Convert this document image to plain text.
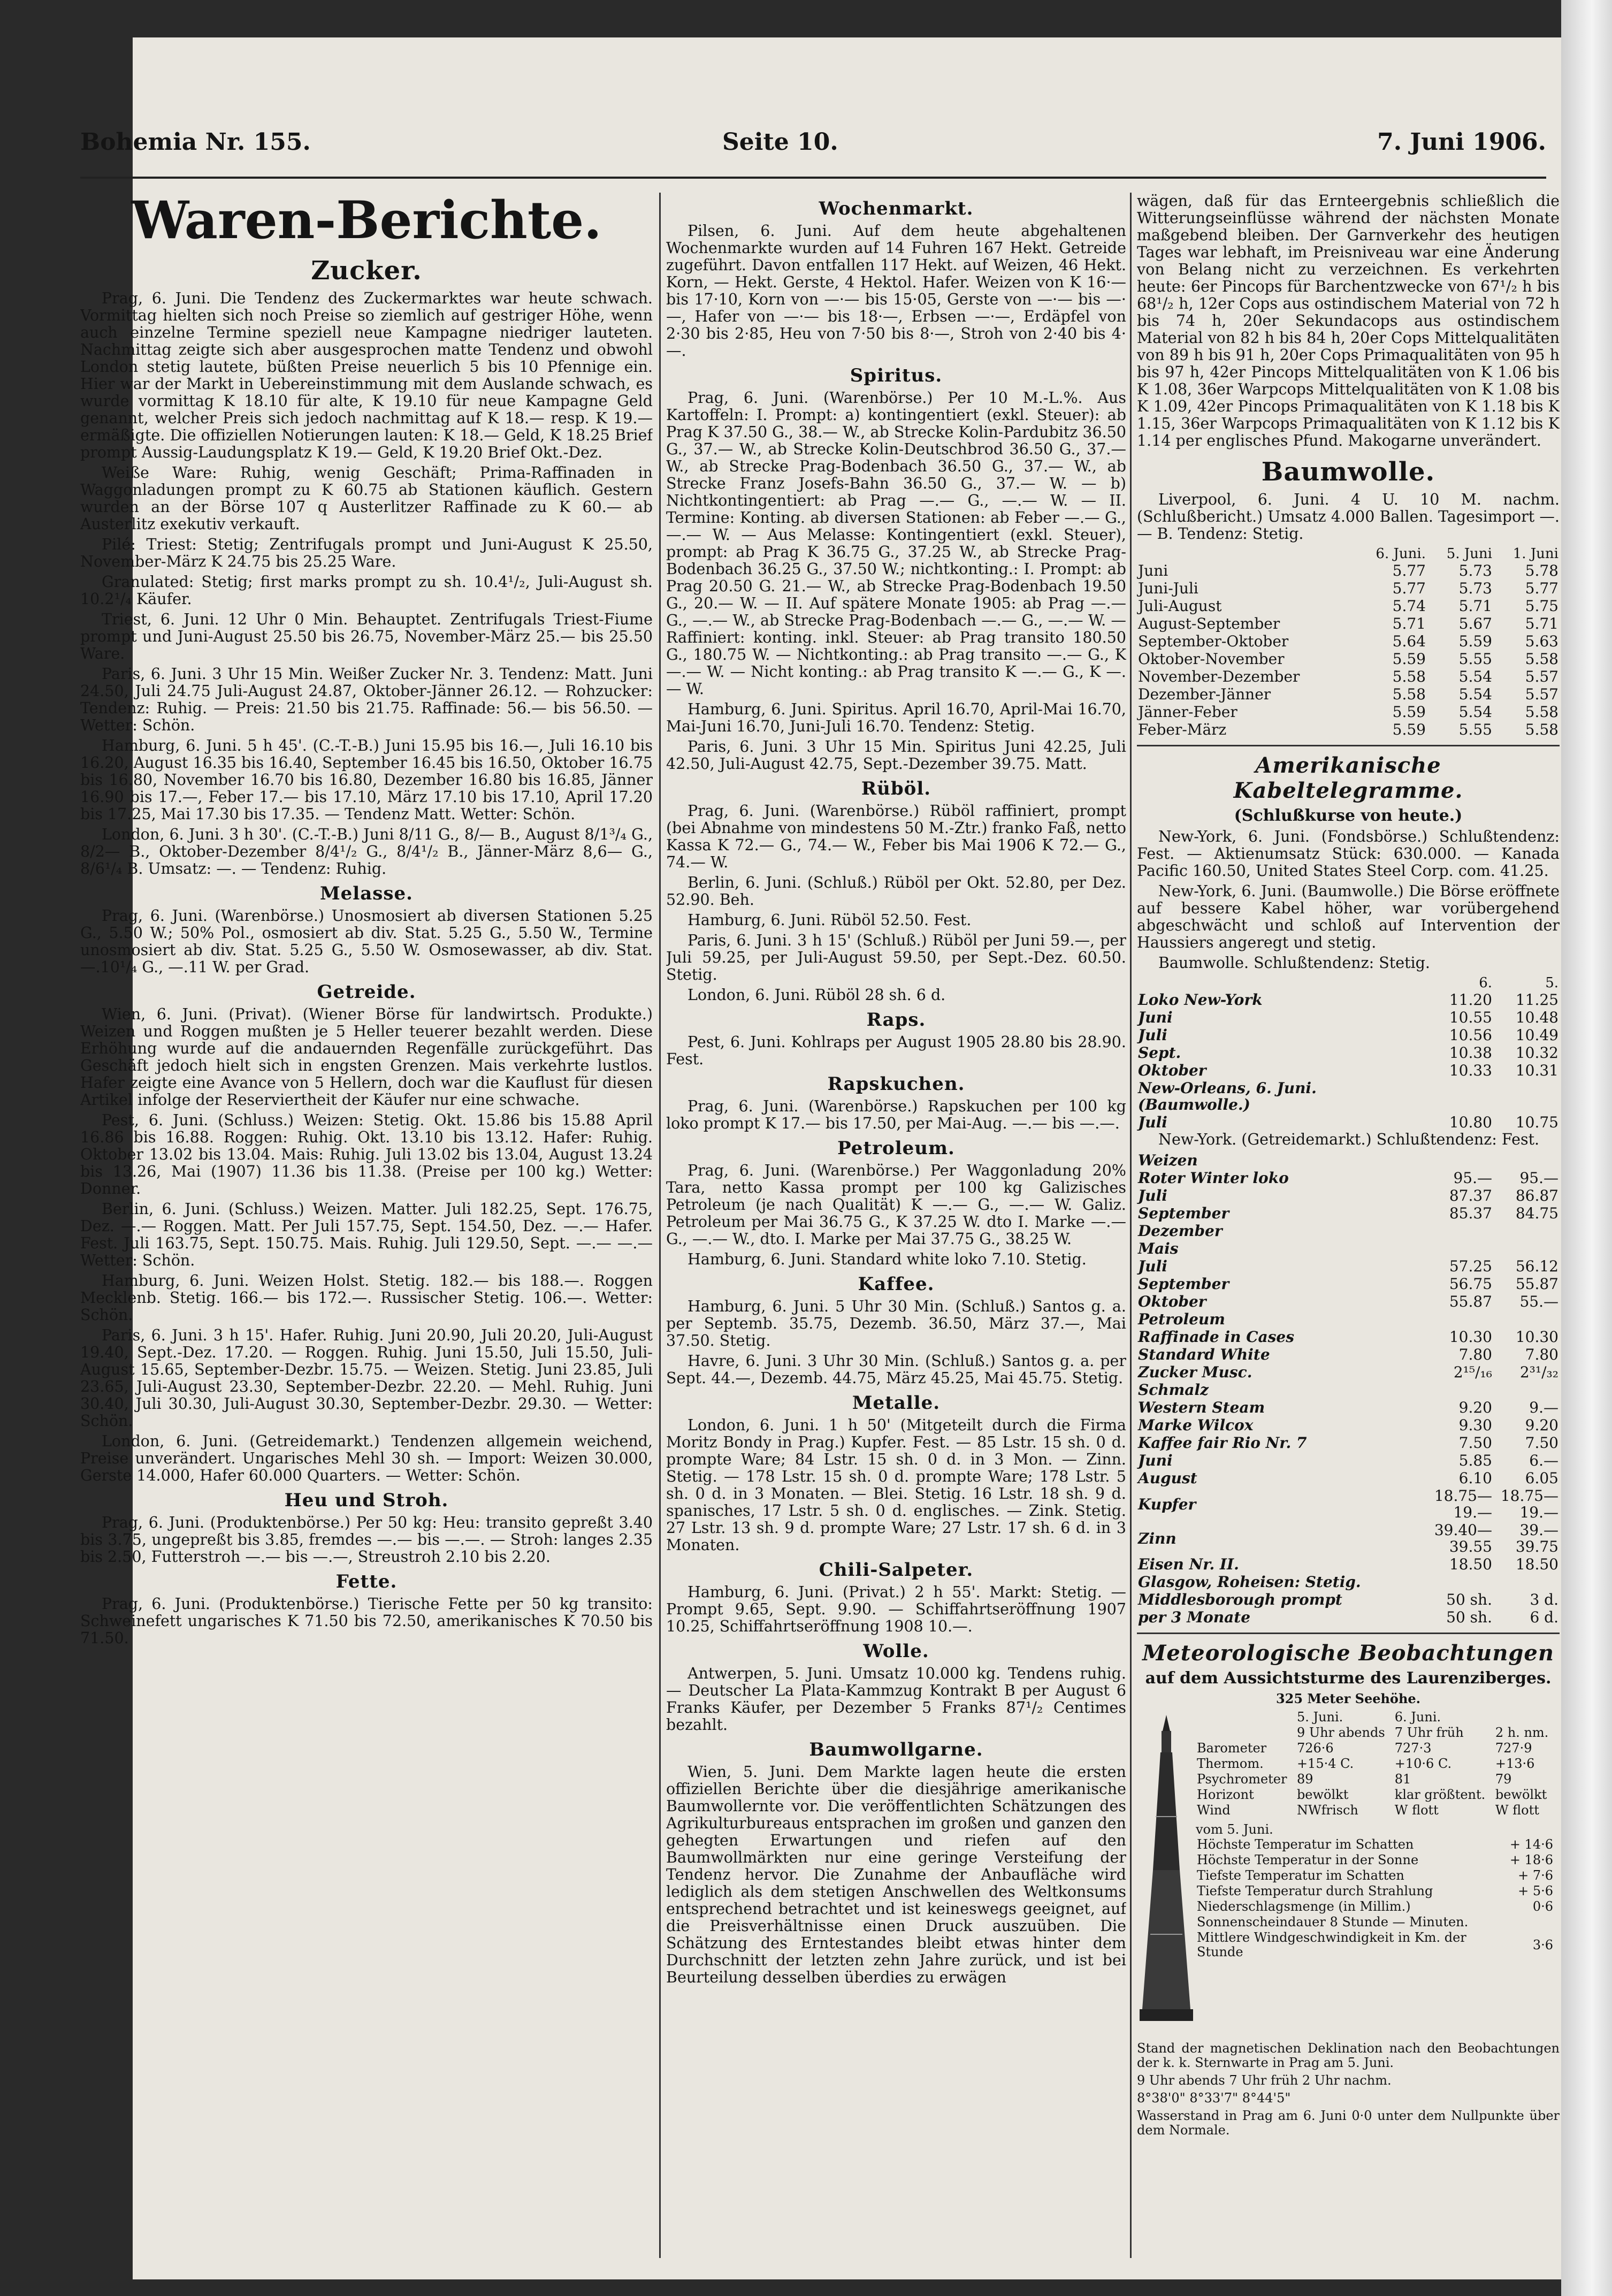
Bohemia Nr. 155.	Seite 10.	7. Juni 1906.
Waren-Berichte.
Zucker.

Prag, 6. Juni. Die Tendenz des Zuckermarktes war heute schwach. Vormittag hielten sich noch Preise so ziemlich auf gestriger Höhe, wenn auch einzelne Termine speziell neue Kampagne niedriger lauteten. Nachmittag zeigte sich aber ausgesprochen matte Tendenz und obwohl London stetig lautete, büßten Preise neuerlich 5 bis 10 Pfennige ein. Hier war der Markt in Uebereinstimmung mit dem Auslande schwach, es wurde vormittag K 18.10 für alte, K 19.10 für neue Kampagne Geld genannt, welcher Preis sich jedoch nachmittag auf K 18.— resp. K 19.— ermäßigte. Die offiziellen Notierungen lauten: K 18.— Geld, K 18.25 Brief prompt Aussig-Laudungsplatz K 19.— Geld, K 19.20 Brief Okt.-Dez.

Weiße Ware: Ruhig, wenig Geschäft; Prima-Raffinaden in Waggonladungen prompt zu K 60.75 ab Stationen käuflich. Gestern wurden an der Börse 107 q Austerlitzer Raffinade zu K 60.— ab Austerlitz exekutiv verkauft.

Pilé: Triest: Stetig; Zentrifugals prompt und Juni-August K 25.50, November-März K 24.75 bis 25.25 Ware.

Granulated: Stetig; first marks prompt zu sh. 10.4¹/₂, Juli-August sh. 10.2¹/₄ Käufer.

Triest, 6. Juni. 12 Uhr 0 Min. Behauptet. Zentrifugals Triest-Fiume prompt und Juni-August 25.50 bis 26.75, November-März 25.— bis 25.50 Ware.

Paris, 6. Juni. 3 Uhr 15 Min. Weißer Zucker Nr. 3. Tendenz: Matt. Juni 24.50, Juli 24.75 Juli-August 24.87, Oktober-Jänner 26.12. — Rohzucker: Tendenz: Ruhig. — Preis: 21.50 bis 21.75. Raffinade: 56.— bis 56.50. — Wetter: Schön.

Hamburg, 6. Juni. 5 h 45'. (C.-T.-B.) Juni 15.95 bis 16.—, Juli 16.10 bis 16.20, August 16.35 bis 16.40, September 16.45 bis 16.50, Oktober 16.75 bis 16.80, November 16.70 bis 16.80, Dezember 16.80 bis 16.85, Jänner 16.90 bis 17.—, Feber 17.— bis 17.10, März 17.10 bis 17.10, April 17.20 bis 17.25, Mai 17.30 bis 17.35. — Tendenz Matt. Wetter: Schön.

London, 6. Juni. 3 h 30'. (C.-T.-B.) Juni 8/11 G., 8/— B., August 8/1³/₄ G., 8/2— B., Oktober-Dezember 8/4¹/₂ G., 8/4¹/₂ B., Jänner-März 8,6— G., 8/6¹/₄ B. Umsatz: —. — Tendenz: Ruhig.

Melasse.

Prag, 6. Juni. (Warenbörse.) Unosmosiert ab diversen Stationen 5.25 G., 5.50 W.; 50% Pol., osmosiert ab div. Stat. 5.25 G., 5.50 W., Termine unosmosiert ab div. Stat. 5.25 G., 5.50 W. Osmosewasser, ab div. Stat. —.10¹/₄ G., —.11 W. per Grad.

Getreide.

Wien, 6. Juni. (Privat). (Wiener Börse für landwirtsch. Produkte.) Weizen und Roggen mußten je 5 Heller teuerer bezahlt werden. Diese Erhöhung wurde auf die andauernden Regenfälle zurückgeführt. Das Geschäft jedoch hielt sich in engsten Grenzen. Mais verkehrte lustlos. Hafer zeigte eine Avance von 5 Hellern, doch war die Kauflust für diesen Artikel infolge der Reserviertheit der Käufer nur eine schwache.

Pest, 6. Juni. (Schluss.) Weizen: Stetig. Okt. 15.86 bis 15.88 April 16.86 bis 16.88. Roggen: Ruhig. Okt. 13.10 bis 13.12. Hafer: Ruhig. Oktober 13.02 bis 13.04. Mais: Ruhig. Juli 13.02 bis 13.04, August 13.24 bis 13.26, Mai (1907) 11.36 bis 11.38. (Preise per 100 kg.) Wetter: Donner.

Berlin, 6. Juni. (Schluss.) Weizen. Matter. Juli 182.25, Sept. 176.75, Dez. —.— Roggen. Matt. Per Juli 157.75, Sept. 154.50, Dez. —.— Hafer. Fest. Juli 163.75, Sept. 150.75. Mais. Ruhig. Juli 129.50, Sept. —.— —.— Wetter: Schön.

Hamburg, 6. Juni. Weizen Holst. Stetig. 182.— bis 188.—. Roggen Mecklenb. Stetig. 166.— bis 172.—. Russischer Stetig. 106.—. Wetter: Schön.

Paris, 6. Juni. 3 h 15'. Hafer. Ruhig. Juni 20.90, Juli 20.20, Juli-August 19.40, Sept.-Dez. 17.20. — Roggen. Ruhig. Juni 15.50, Juli 15.50, Juli-August 15.65, September-Dezbr. 15.75. — Weizen. Stetig. Juni 23.85, Juli 23.65, Juli-August 23.30, September-Dezbr. 22.20. — Mehl. Ruhig. Juni 30.40, Juli 30.30, Juli-August 30.30, September-Dezbr. 29.30. — Wetter: Schön.

London, 6. Juni. (Getreidemarkt.) Tendenzen allgemein weichend, Preise unverändert. Ungarisches Mehl 30 sh. — Import: Weizen 30.000, Gerste 14.000, Hafer 60.000 Quarters. — Wetter: Schön.

Heu und Stroh.

Prag, 6. Juni. (Produktenbörse.) Per 50 kg: Heu: transito gepreßt 3.40 bis 3.75, ungepreßt bis 3.85, fremdes —.— bis —.—. — Stroh: langes 2.35 bis 2.50, Futterstroh —.— bis —.—, Streustroh 2.10 bis 2.20.

Fette.

Prag, 6. Juni. (Produktenbörse.) Tierische Fette per 50 kg transito: Schweinefett ungarisches K 71.50 bis 72.50, amerikanisches K 70.50 bis 71.50.

Wochenmarkt.

Pilsen, 6. Juni. Auf dem heute abgehaltenen Wochenmarkte wurden auf 14 Fuhren 167 Hekt. Getreide zugeführt. Davon entfallen 117 Hekt. auf Weizen, 46 Hekt. Korn, — Hekt. Gerste, 4 Hektol. Hafer. Weizen von K 16·— bis 17·10, Korn von —·— bis 15·05, Gerste von —·— bis —·—, Hafer von —·— bis 18·—, Erbsen —·—, Erdäpfel von 2·30 bis 2·85, Heu von 7·50 bis 8·—, Stroh von 2·40 bis 4·—.

Spiritus.

Prag, 6. Juni. (Warenbörse.) Per 10 M.-L.%. Aus Kartoffeln: I. Prompt: a) kontingentiert (exkl. Steuer): ab Prag K 37.50 G., 38.— W., ab Strecke Kolin-Pardubitz 36.50 G., 37.— W., ab Strecke Kolin-Deutschbrod 36.50 G., 37.— W., ab Strecke Prag-Bodenbach 36.50 G., 37.— W., ab Strecke Franz Josefs-Bahn 36.50 G., 37.— W. — b) Nichtkontingentiert: ab Prag —.— G., —.— W. — II. Termine: Konting. ab diversen Stationen: ab Feber —.— G., —.— W. — Aus Melasse: Kontingentiert (exkl. Steuer), prompt: ab Prag K 36.75 G., 37.25 W., ab Strecke Prag-Bodenbach 36.25 G., 37.50 W.; nichtkonting.: I. Prompt: ab Prag 20.50 G. 21.— W., ab Strecke Prag-Bodenbach 19.50 G., 20.— W. — II. Auf spätere Monate 1905: ab Prag —.— G., —.— W., ab Strecke Prag-Bodenbach —.— G., —.— W. — Raffiniert: konting. inkl. Steuer: ab Prag transito 180.50 G., 180.75 W. — Nichtkonting.: ab Prag transito —.— G., K —.— W. — Nicht konting.: ab Prag transito K —.— G., K —.— W.

Hamburg, 6. Juni. Spiritus. April 16.70, April-Mai 16.70, Mai-Juni 16.70, Juni-Juli 16.70. Tendenz: Stetig.

Paris, 6. Juni. 3 Uhr 15 Min. Spiritus Juni 42.25, Juli 42.50, Juli-August 42.75, Sept.-Dezember 39.75. Matt.

Rüböl.

Prag, 6. Juni. (Warenbörse.) Rüböl raffiniert, prompt (bei Abnahme von mindestens 50 M.-Ztr.) franko Faß, netto Kassa K 72.— G., 74.— W., Feber bis Mai 1906 K 72.— G., 74.— W.

Berlin, 6. Juni. (Schluß.) Rüböl per Okt. 52.80, per Dez. 52.90. Beh.

Hamburg, 6. Juni. Rüböl 52.50. Fest.

Paris, 6. Juni. 3 h 15' (Schluß.) Rüböl per Juni 59.—, per Juli 59.25, per Juli-August 59.50, per Sept.-Dez. 60.50. Stetig.

London, 6. Juni. Rüböl 28 sh. 6 d.

Raps.

Pest, 6. Juni. Kohlraps per August 1905 28.80 bis 28.90. Fest.

Rapskuchen.

Prag, 6. Juni. (Warenbörse.) Rapskuchen per 100 kg loko prompt K 17.— bis 17.50, per Mai-Aug. —.— bis —.—.

Petroleum.

Prag, 6. Juni. (Warenbörse.) Per Waggonladung 20% Tara, netto Kassa prompt per 100 kg Galizisches Petroleum (je nach Qualität) K —.— G., —.— W. Galiz. Petroleum per Mai 36.75 G., K 37.25 W. dto I. Marke —.— G., —.— W., dto. I. Marke per Mai 37.75 G., 38.25 W.

Hamburg, 6. Juni. Standard white loko 7.10. Stetig.

Kaffee.

Hamburg, 6. Juni. 5 Uhr 30 Min. (Schluß.) Santos g. a. per Septemb. 35.75, Dezemb. 36.50, März 37.—, Mai 37.50. Stetig.

Havre, 6. Juni. 3 Uhr 30 Min. (Schluß.) Santos g. a. per Sept. 44.—, Dezemb. 44.75, März 45.25, Mai 45.75. Stetig.

Metalle.

London, 6. Juni. 1 h 50' (Mitgeteilt durch die Firma Moritz Bondy in Prag.) Kupfer. Fest. — 85 Lstr. 15 sh. 0 d. prompte Ware; 84 Lstr. 15 sh. 0 d. in 3 Mon. — Zinn. Stetig. — 178 Lstr. 15 sh. 0 d. prompte Ware; 178 Lstr. 5 sh. 0 d. in 3 Monaten. — Blei. Stetig. 16 Lstr. 18 sh. 9 d. spanisches, 17 Lstr. 5 sh. 0 d. englisches. — Zink. Stetig. 27 Lstr. 13 sh. 9 d. prompte Ware; 27 Lstr. 17 sh. 6 d. in 3 Monaten.

Chili-Salpeter.

Hamburg, 6. Juni. (Privat.) 2 h 55'. Markt: Stetig. — Prompt 9.65, Sept. 9.90. — Schiffahrtseröffnung 1907 10.25, Schiffahrtseröffnung 1908 10.—.

Wolle.

Antwerpen, 5. Juni. Umsatz 10.000 kg. Tendens ruhig. — Deutscher La Plata-Kammzug Kontrakt B per August 6 Franks Käufer, per Dezember 5 Franks 87¹/₂ Centimes bezahlt.

Baumwollgarne.

Wien, 5. Juni. Dem Markte lagen heute die ersten offiziellen Berichte über die diesjährige amerikanische Baumwollernte vor. Die veröffentlichten Schätzungen des Agrikulturbureaus entsprachen im großen und ganzen den gehegten Erwartungen und riefen auf den Baumwollmärkten nur eine geringe Versteifung der Tendenz hervor. Die Zunahme der Anbaufläche wird lediglich als dem stetigen Anschwellen des Weltkonsums entsprechend betrachtet und ist keineswegs geeignet, auf die Preisverhältnisse einen Druck auszuüben. Die Schätzung des Erntestandes bleibt etwas hinter dem Durchschnitt der letzten zehn Jahre zurück, und ist bei Beurteilung desselben überdies zu erwägen

wägen, daß für das Ernteergebnis schließlich die Witterungseinflüsse während der nächsten Monate maßgebend bleiben. Der Garnverkehr des heutigen Tages war lebhaft, im Preisniveau war eine Änderung von Belang nicht zu verzeichnen. Es verkehrten heute: 6er Pincops für Barchentzwecke von 67¹/₂ h bis 68¹/₂ h, 12er Cops aus ostindischem Material von 72 h bis 74 h, 20er Sekundacops aus ostindischem Material von 82 h bis 84 h, 20er Cops Mittelqualitäten von 89 h bis 91 h, 20er Cops Primaqualitäten von 95 h bis 97 h, 42er Pincops Mittelqualitäten von K 1.06 bis K 1.08, 36er Warpcops Mittelqualitäten von K 1.08 bis K 1.09, 42er Pincops Primaqualitäten von K 1.18 bis K 1.15, 36er Warpcops Primaqualitäten von K 1.12 bis K 1.14 per englisches Pfund. Makogarne unverändert.

Baumwolle.

Liverpool, 6. Juni. 4 U. 10 M. nachm. (Schlußbericht.) Umsatz 4.000 Ballen. Tagesimport —.— B. Tendenz: Stetig.

	6. Juni.	5. Juni	1. Juni
Juni	5.77	5.73	5.78
Juni-Juli	5.77	5.73	5.77
Juli-August	5.74	5.71	5.75
August-September	5.71	5.67	5.71
September-Oktober	5.64	5.59	5.63
Oktober-November	5.59	5.55	5.58
November-Dezember	5.58	5.54	5.57
Dezember-Jänner	5.58	5.54	5.57
Jänner-Feber	5.59	5.54	5.58
Feber-März	5.59	5.55	5.58
Amerikanische Kabeltelegramme.
(Schlußkurse von heute.)

New-York, 6. Juni. (Fondsbörse.) Schlußtendenz: Fest. — Aktienumsatz Stück: 630.000. — Kanada Pacific 160.50, United States Steel Corp. com. 41.25.

New-York, 6. Juni. (Baumwolle.) Die Börse eröffnete auf bessere Kabel höher, war vorübergehend abgeschwächt und schloß auf Intervention der Haussiers angeregt und stetig.

Baumwolle. Schlußtendenz: Stetig.

	6.	5.
Loko New-York	11.20	11.25
Juni	10.55	10.48
Juli	10.56	10.49
Sept.	10.38	10.32
Oktober	10.33	10.31
New-Orleans, 6. Juni. (Baumwolle.)		
Juli	10.80	10.75

New-York. (Getreidemarkt.) Schlußtendenz: Fest.

Weizen		
Roter Winter loko	95.—	95.—
Juli	87.37	86.87
September	85.37	84.75
Dezember		
Mais		
Juli	57.25	56.12
September	56.75	55.87
Oktober	55.87	55.—
Petroleum		
Raffinade in Cases	10.30	10.30
Standard White	7.80	7.80
Zucker Musc.	2¹⁵/₁₆	2³¹/₃₂
Schmalz		
Western Steam	9.20	9.—
Marke Wilcox	9.30	9.20
Kaffee fair Rio Nr. 7	7.50	7.50
Juni	5.85	6.—
August	6.10	6.05
Kupfer	18.75—19.—	18.75—19.—
Zinn	39.40—39.55	39.—39.75
Eisen Nr. II.	18.50	18.50
Glasgow, Roheisen: Stetig.		
Middlesborough prompt	50 sh.	3 d.
per 3 Monate	50 sh.	6 d.
Meteorologische Beobachtungen
auf dem Aussichtsturme des Laurenziberges.
325 Meter Seehöhe.
	5. Juni.	6. Juni.	
	9 Uhr abends	7 Uhr früh	2 h. nm.
Barometer	726·6	727·3	727·9
Thermom.	+15·4 C.	+10·6 C.	+13·6
Psychrometer	89	81	79
Horizont	bewölkt	klar größtent.	bewölkt
Wind	NWfrisch	W flott	W flott
vom 5. Juni.
Höchste Temperatur im Schatten	+ 14·6
Höchste Temperatur in der Sonne	+ 18·6
Tiefste Temperatur im Schatten	+ 7·6
Tiefste Temperatur durch Strahlung	+ 5·6
Niederschlagsmenge (in Millim.)	0·6
Sonnenscheindauer 8 Stunde — Minuten.	
Mittlere Windgeschwindigkeit in Km. der Stunde	3·6

Stand der magnetischen Deklination nach den Beobachtungen der k. k. Sternwarte in Prag am 5. Juni.

9 Uhr abends 7 Uhr früh 2 Uhr nachm.

8°38'0" 8°33'7" 8°44'5"

Wasserstand in Prag am 6. Juni 0·0 unter dem Nullpunkte über dem Normale.
